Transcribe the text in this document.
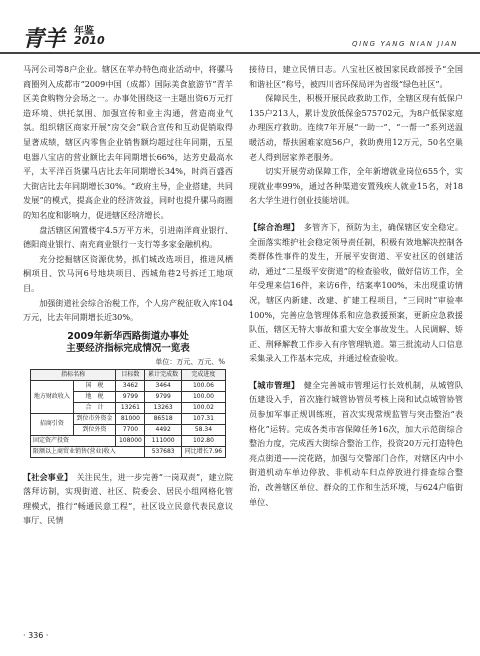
青羊 年鉴
2010	QING YANG NIAN JIAN

马河公司等8户企业。辖区在苹办特色商业活动中，将骡马商圈列入成都市“2009中国（成都）国际美食旅游节”青羊区美食购物分会场之一。办事处围绕这一主题出资6万元打造环境、烘托氛围、加强宣传和业主沟通，营造商业气氛。组织辖区商家开展“房交会”联合宣传和互动促销取得显著成绩，辖区内零售企业销售额均超过往年同期，五星电器八宝店的营业额比去年同期增长66%，达芳史最高水平，太平洋百货骡马店比去年同期增长34%，时尚百盛西大街店比去年同期增长30%。“政府主导，企业搭建，共同发展”的模式，提高企业的经济效益，同时也提升骡马商圈的知名度和影响力，促进辖区经济增长。

盘活辖区闲置楼宇4.5万平方米，引进南洋商业银行、德阳商业银行、南充商业银行一支行等多家金融机构。

充分挖掘辖区资源优势，抓们城改选项目，推进风栖桐项目、饮马河6号地块项目、西城角巷2号拆迁工地项目。

加强街道社会综合治税工作，个人房产税征收入库104万元，比去年同期增长近30%。

2009年新华西路街道办事处
主要经济指标完成情况一览表
单位：万元、万元、%
指标名称		目标数	累计完成数	完成进度
地方财政收入	国　税	3462	3464	100.06
	地　税	9799	9799	100.00
	合　计	13261	13263	100.02
招商引资	到位市外资金	81000	86518	107.31
	到位外资	7700	4492	58.34
固定资产投资		108000	111000	102.80
限额以上商贸业销售(营业)收入			537683	同比增长7.96

【社会事业】　 关注民生，进一步完善“一岗双责”，建立院落拜访制，实现街道、社区、院委会、居民小组网格化管理模式，推行“畅通民意工程”，社区设立民意代表民意议事厅、民情

接待日，建立民情日志。八宝社区被国家民政部授予“全国和谐社区”称号，被四川省环保局评为省级“绿色社区”。

保障民生，积极开展民政救助工作，全辖区现有低保户135户213人，累计发放低保金575702元，为8户低保家庭办理医疗救助。连续7年开展“一助一”、“一帮一”系列送温暖活动，帮扶困难家庭56户，救助费用12万元，50名空巢老人得到居家养老服务。

切实开展劳动保障工作，全年新增就业岗位655个，实现就业率99%，通过各种渠道安置残疾人就业15名，对18名大学生进行创业技能培训。

【综合治理】　 多管齐下，预防为主，确保辖区安全稳定。全面落实维护社会稳定领导责任制，积极有效地解决控制各类群体性事件的发生，开展平安街道、平安社区的创建活动，通过“二星级平安街道”的检查验收，做好信访工作，全年受理来信16件，来访6件，结案率100%，未出现重访情况，辖区内新建、改建、扩建工程项目，“三同时”审验率100%，完善应急管理体系和应急救援预案，更新应急救援队伍，辖区无特大事故和重大安全事故发生。人民调解、矫正、刑释解教工作步入有序管理轨道。第三批流动人口信息采集录入工作基本完成，并通过检查验收。

【城市管理】　 健全完善城市管理运行长效机制，从城管队伍建设入手，首次施行城管协管员考核上岗和试点城管协管员参加军事正规训练班，首次实现常规监管与突击整治“表格化”运转。完成各类市容保障任务16次，加大示范街综合整治力度，完成西大街综合整治工作，投资20万元打造特色亮点街道——浣花路，加强与交警部门合作，对辖区内中小街道机动车单边停放、非机动车归点停放进行排查综合整治，改善辖区单位、群众的工作和生活环境，与624户临街单位、

· 336 ·
